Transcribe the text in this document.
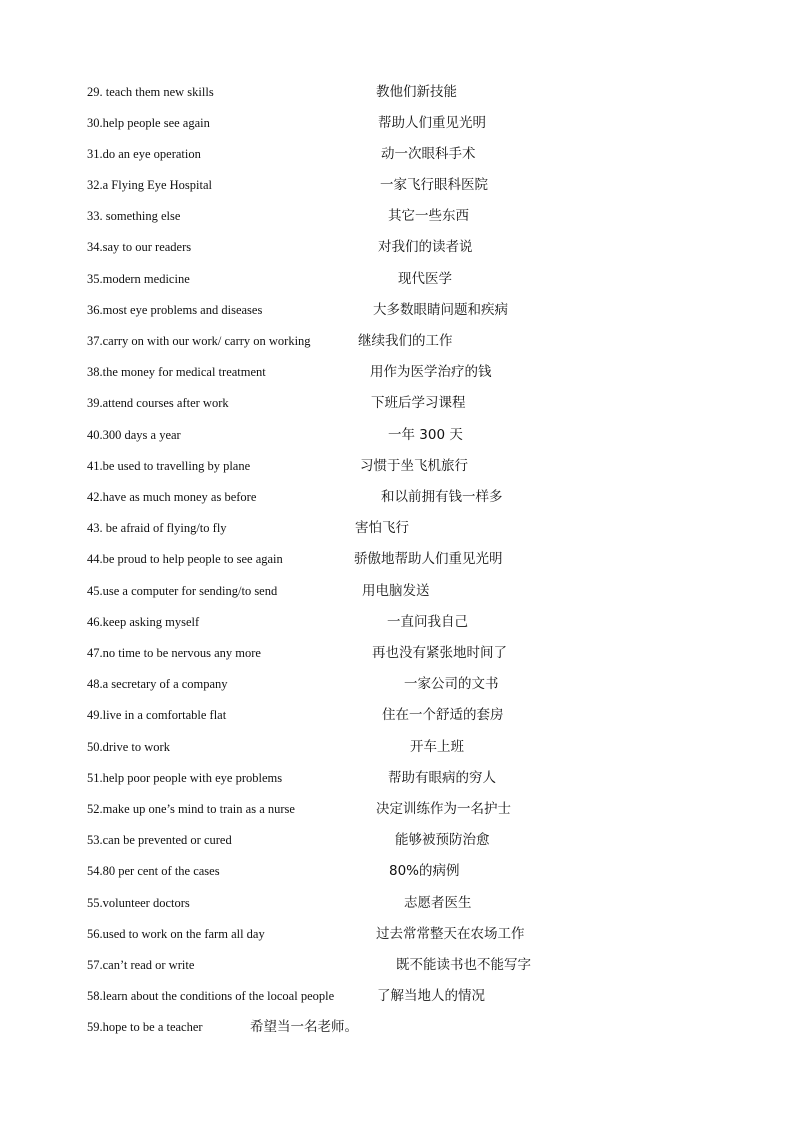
29. teach them new skills	教他们新技能
30.help people see again	帮助人们重见光明
31.do an eye operation	动一次眼科手术
32.a Flying Eye Hospital	一家飞行眼科医院
33. something else	其它一些东西
34.say to our readers	对我们的读者说
35.modern medicine	现代医学
36.most eye problems and diseases	大多数眼睛问题和疾病
37.carry on with our work/ carry on working	继续我们的工作
38.the money for medical treatment	用作为医学治疗的钱
39.attend courses after work	下班后学习课程
40.300 days a year	一年 300 天
41.be used to travelling by plane	习惯于坐飞机旅行
42.have as much money as before	和以前拥有钱一样多
43. be afraid of flying/to fly	害怕飞行
44.be proud to help people to see again	骄傲地帮助人们重见光明
45.use a computer for sending/to send	用电脑发送
46.keep asking myself	一直问我自己
47.no time to be nervous any more	再也没有紧张地时间了
48.a secretary of a company	一家公司的文书
49.live in a comfortable flat	住在一个舒适的套房
50.drive to work	开车上班
51.help poor people with eye problems	帮助有眼病的穷人
52.make up one’s mind to train as a nurse	决定训练作为一名护士
53.can be prevented or cured	能够被预防治愈
54.80 per cent of the cases	80%的病例
55.volunteer doctors	志愿者医生
56.used to work on the farm all day	过去常常整天在农场工作
57.can’t read or write	既不能读书也不能写字
58.learn about the conditions of the locoal people	了解当地人的情况
59.hope to be a teacher	希望当一名老师。
